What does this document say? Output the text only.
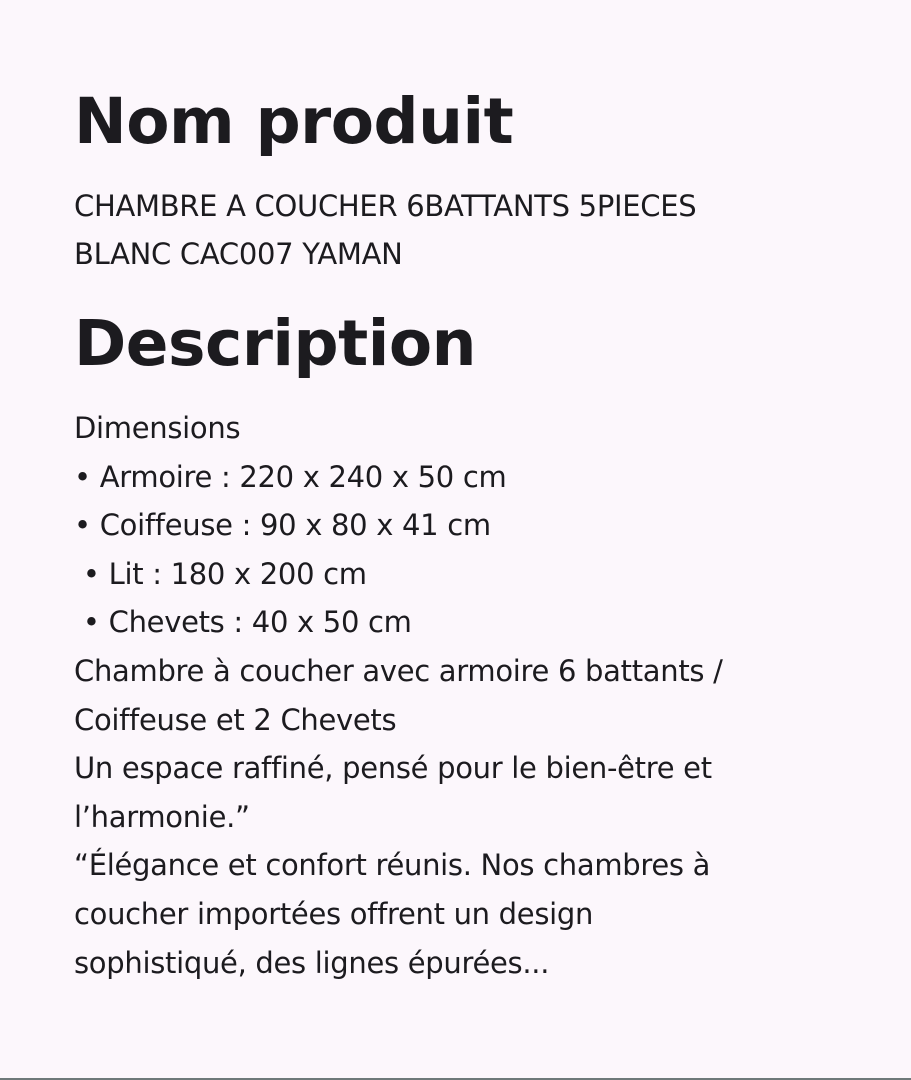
Nom produit
CHAMBRE A COUCHER 6BATTANTS 5PIECES
BLANC CAC007 YAMAN
Description
Dimensions
• Armoire : 220 x 240 x 50 cm
• Coiffeuse : 90 x 80 x 41 cm
• Lit : 180 x 200 cm
• Chevets : 40 x 50 cm
Chambre à coucher avec armoire 6 battants /
Coiffeuse et 2 Chevets
Un espace raffiné, pensé pour le bien-être et
l’harmonie.”
“Élégance et confort réunis. Nos chambres à
coucher importées offrent un design
sophistiqué, des lignes épurées...
